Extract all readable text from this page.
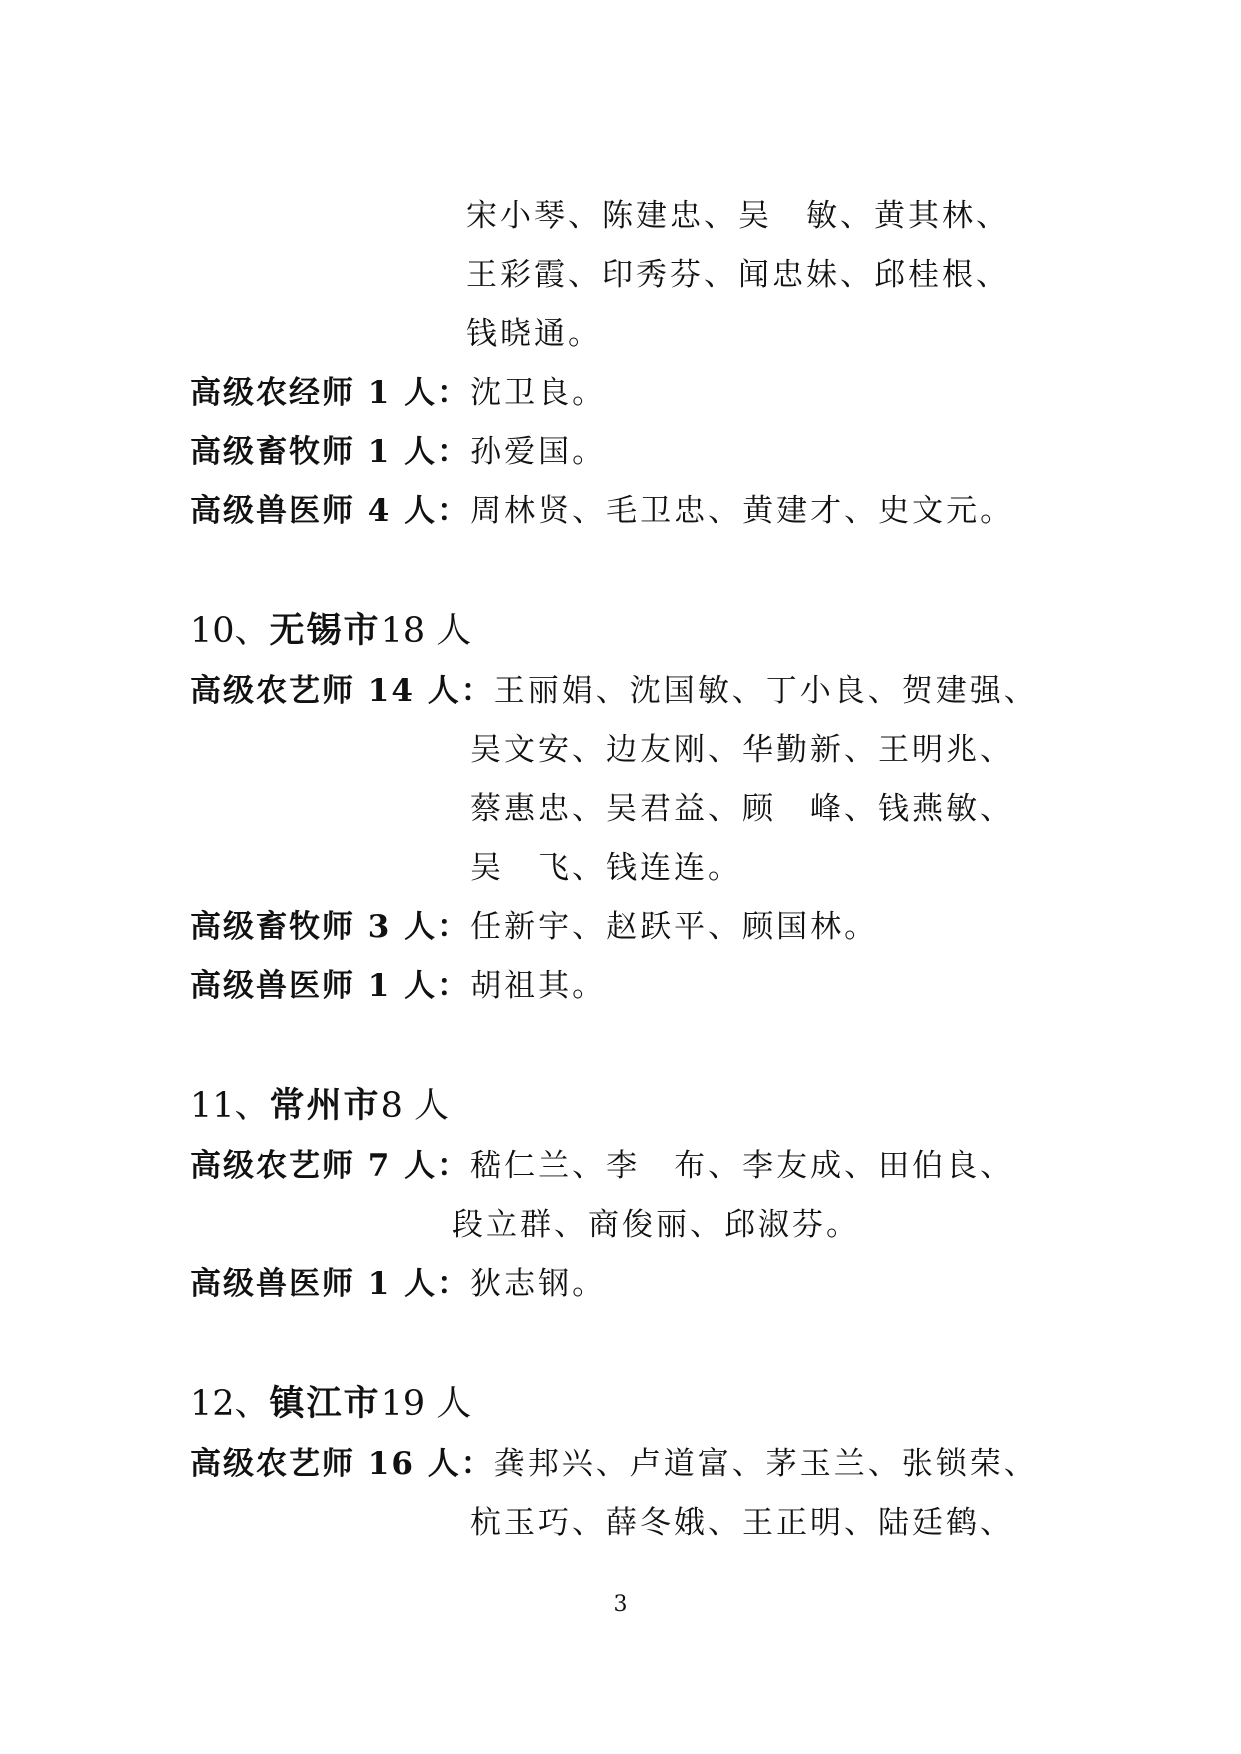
宋小琴、陈建忠、吴　敏、黄其林、
王彩霞、印秀芬、闻忠妹、邱桂根、
钱晓通。
高级农经师 1 人：沈卫良。
高级畜牧师 1 人：孙爱国。
高级兽医师 4 人：周林贤、毛卫忠、黄建才、史文元。
10、无锡市18 人
高级农艺师 14 人：王丽娟、沈国敏、丁小良、贺建强、
吴文安、边友刚、华勤新、王明兆、
蔡惠忠、吴君益、顾　峰、钱燕敏、
吴　飞、钱连连。
高级畜牧师 3 人：任新宇、赵跃平、顾国林。
高级兽医师 1 人：胡祖其。
11、常州市8 人
高级农艺师 7 人：嵇仁兰、李　布、李友成、田伯良、
段立群、商俊丽、邱淑芬。
高级兽医师 1 人：狄志钢。
12、镇江市19 人
高级农艺师 16 人：龚邦兴、卢道富、茅玉兰、张锁荣、
杭玉巧、薛冬娥、王正明、陆廷鹤、
3
